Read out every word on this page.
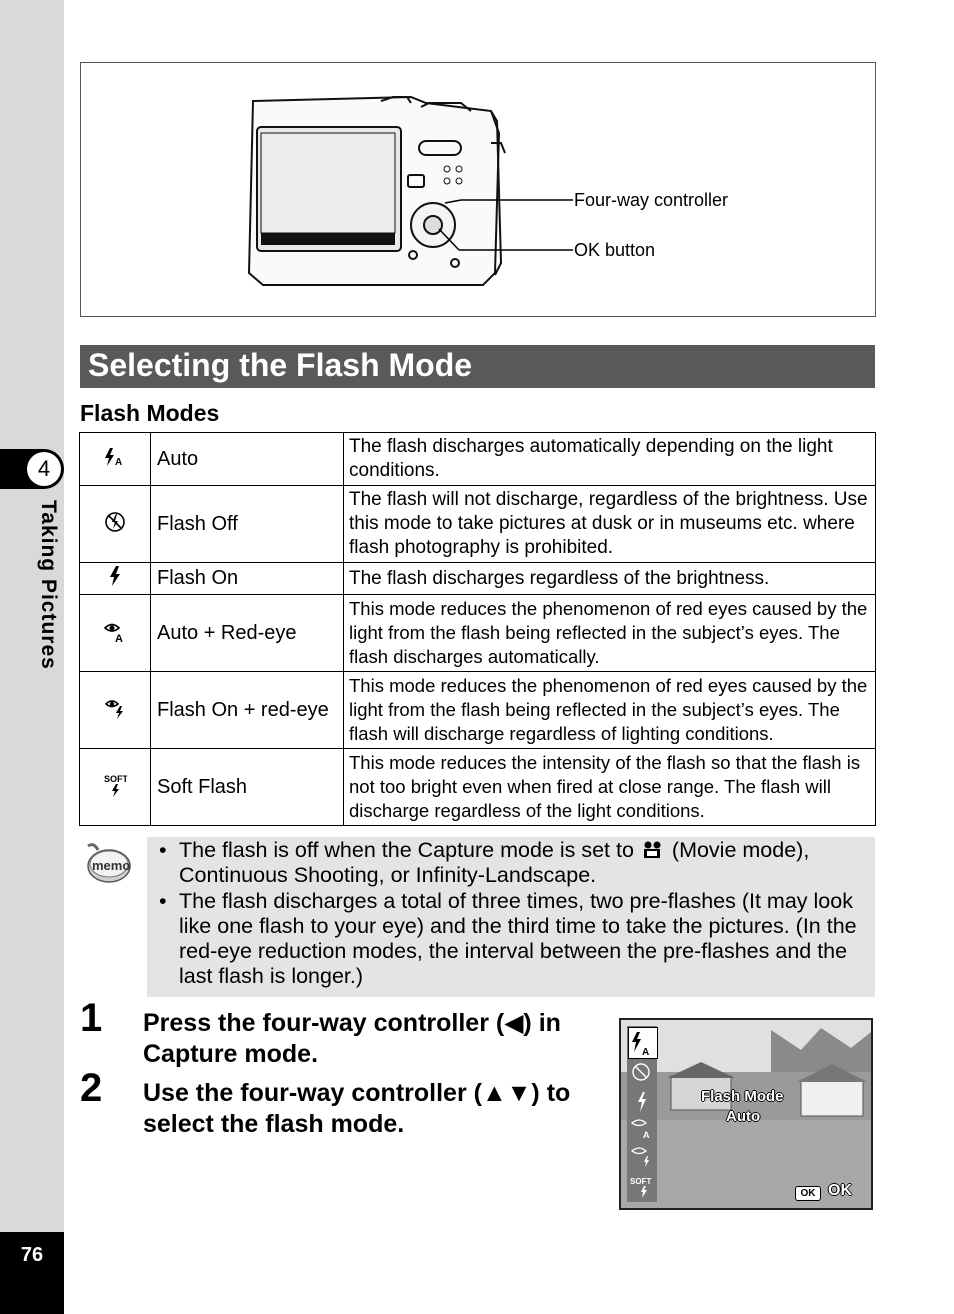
4
Taking Pictures
76
Four-way controller
OK button
Selecting the Flash Mode
Flash Modes
A	Auto	The flash discharges automatically depending on the light conditions.
	Flash Off	The flash will not discharge, regardless of the brightness. Use this mode to take pictures at dusk or in museums etc. where flash photography is prohibited.
	Flash On	The flash discharges regardless of the brightness.

A	Auto + Red-eye	This mode reduces the phenomenon of red eyes caused by the light from the flash being reflected in the subject’s eyes. The flash discharges automatically.
	Flash On + red-eye	This mode reduces the phenomenon of red eyes caused by the light from the flash being reflected in the subject’s eyes. The flash will discharge regardless of lighting conditions.

SOFT	Soft Flash	This mode reduces the intensity of the flash so that the flash is not too bright even when fired at close range. The flash will discharge regardless of the light conditions.
memo
• The flash is off when the Capture mode is set to (Movie mode), Continuous Shooting, or Infinity-Landscape.
• The flash discharges a total of three times, two pre-flashes (It may look like one flash to your eye) and the third time to take the pictures. (In the red-eye reduction modes, the interval between the pre-flashes and the last flash is longer.)
1 Press the four-way controller (◀) in Capture mode.
2 Use the four-way controller (▲▼) to select the flash mode.
A
A
SOFT
Flash Mode
Auto
OK OK
